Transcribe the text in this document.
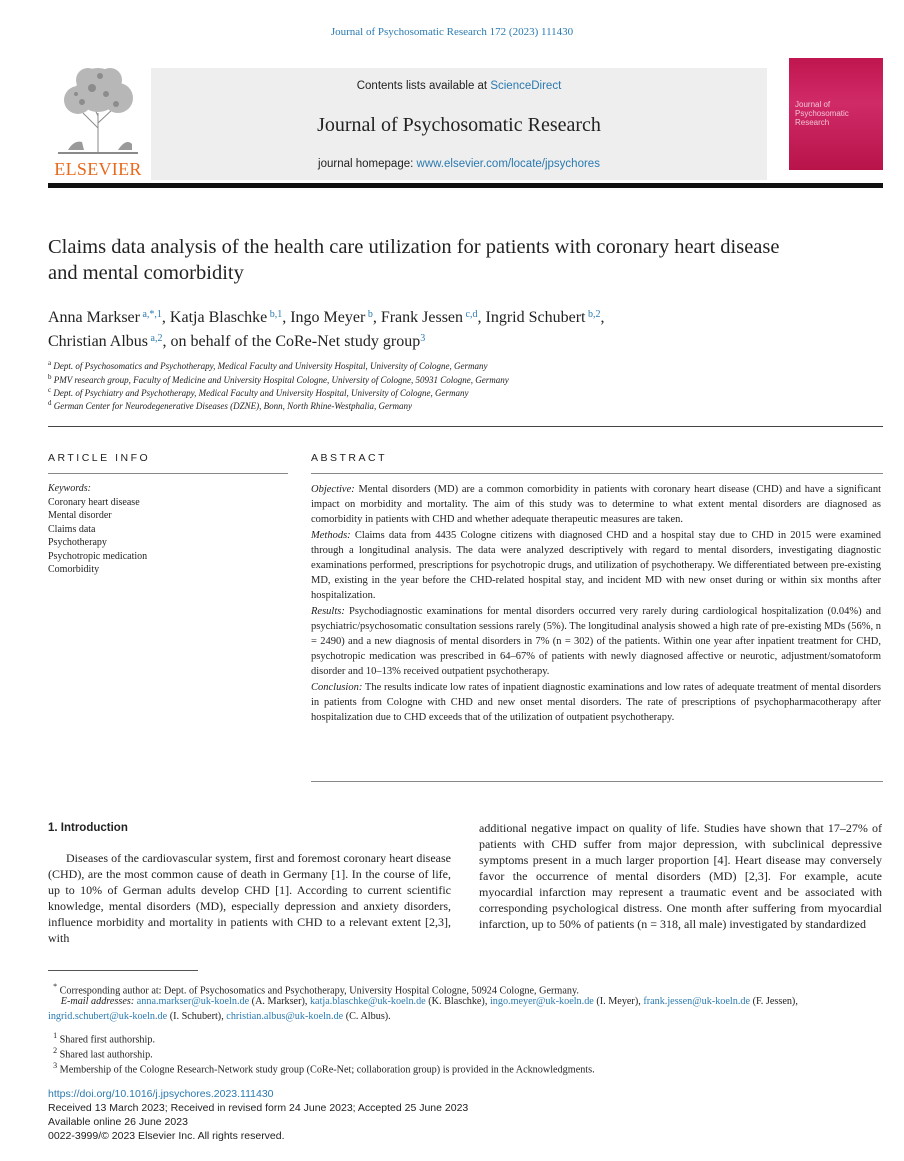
Journal of Psychosomatic Research 172 (2023) 111430
ELSEVIER
Contents lists available at ScienceDirect
Journal of Psychosomatic Research
journal homepage: www.elsevier.com/locate/jpsychores
Journal of Psychosomatic Research
Claims data analysis of the health care utilization for patients with coronary heart disease and mental comorbidity
Anna Markser $^{a,*,1}$, Katja Blaschke $^{b,1}$, Ingo Meyer $^b$, Frank Jessen $^{c,d}$, Ingrid Schubert $^{b,2}$,
Christian Albus $^{a,2}$, on behalf of the CoRe-Net study group$^3$
$^a$ Dept. of Psychosomatics and Psychotherapy, Medical Faculty and University Hospital, University of Cologne, Germany
$^b$ PMV research group, Faculty of Medicine and University Hospital Cologne, University of Cologne, 50931 Cologne, Germany
$^c$ Dept. of Psychiatry and Psychotherapy, Medical Faculty and University Hospital, University of Cologne, Germany
$^d$ German Center for Neurodegenerative Diseases (DZNE), Bonn, North Rhine-Westphalia, Germany
ARTICLE INFO	ABSTRACT
Keywords:
Coronary heart disease
Mental disorder
Claims data
Psychotherapy
Psychotropic medication
Comorbidity

Objective: Mental disorders (MD) are a common comorbidity in patients with coronary heart disease (CHD) and have a significant impact on morbidity and mortality. The aim of this study was to determine to what extent mental disorders are diagnosed as comorbidity in patients with CHD and whether adequate therapeutic measures are taken.

Methods: Claims data from 4435 Cologne citizens with diagnosed CHD and a hospital stay due to CHD in 2015 were examined through a longitudinal analysis. The data were analyzed descriptively with regard to mental disorders, investigating diagnostic examinations performed, prescriptions for psychotropic drugs, and utilization of psychotherapy. We differentiated between pre-existing MD, existing in the year before the CHD-related hospital stay, and incident MD with new onset during or within six months after hospitalization.

Results: Psychodiagnostic examinations for mental disorders occurred very rarely during cardiological hospitalization (0.04%) and psychiatric/psychosomatic consultation sessions rarely (5%). The longitudinal analysis showed a high rate of pre-existing MDs (56%, n = 2490) and a new diagnosis of mental disorders in 7% (n = 302) of the patients. Within one year after inpatient treatment for CHD, psychotropic medication was prescribed in 64–67% of patients with newly diagnosed affective or neurotic, adjustment/somatoform disorder and 10–13% received outpatient psychotherapy.

Conclusion: The results indicate low rates of inpatient diagnostic examinations and low rates of adequate treatment of mental disorders in patients from Cologne with CHD and new onset mental disorders. The rate of prescriptions of psychopharmacotherapy after hospitalization due to CHD exceeds that of the utilization of outpatient psychotherapy.

1. Introduction

Diseases of the cardiovascular system, first and foremost coronary heart disease (CHD), are the most common cause of death in Germany [1]. In the course of life, up to 10% of German adults develop CHD [1]. According to current scientific knowledge, mental disorders (MD), especially depression and anxiety disorders, influence morbidity and mortality in patients with CHD to a relevant extent [2,3], with

additional negative impact on quality of life. Studies have shown that 17–27% of patients with CHD suffer from major depression, with subclinical depressive symptoms present in a much larger proportion [4]. Heart disease may conversely favor the occurrence of mental disorders (MD) [2,3]. For example, acute myocardial infarction may represent a traumatic event and be associated with corresponding psychological distress. One month after suffering from myocardial infarction, up to 50% of patients (n = 318, all male) investigated by standardized

* Corresponding author at: Dept. of Psychosomatics and Psychotherapy, University Hospital Cologne, 50924 Cologne, Germany.
E-mail addresses: anna.markser@uk-koeln.de (A. Markser), katja.blaschke@uk-koeln.de (K. Blaschke), ingo.meyer@uk-koeln.de (I. Meyer), frank.jessen@uk-koeln.de (F. Jessen), ingrid.schubert@uk-koeln.de (I. Schubert), christian.albus@uk-koeln.de (C. Albus).
$^1$ Shared first authorship.
$^2$ Shared last authorship.
$^3$ Membership of the Cologne Research-Network study group (CoRe-Net; collaboration group) is provided in the Acknowledgments.
https://doi.org/10.1016/j.jpsychores.2023.111430
Received 13 March 2023; Received in revised form 24 June 2023; Accepted 25 June 2023
Available online 26 June 2023
0022-3999/© 2023 Elsevier Inc. All rights reserved.
